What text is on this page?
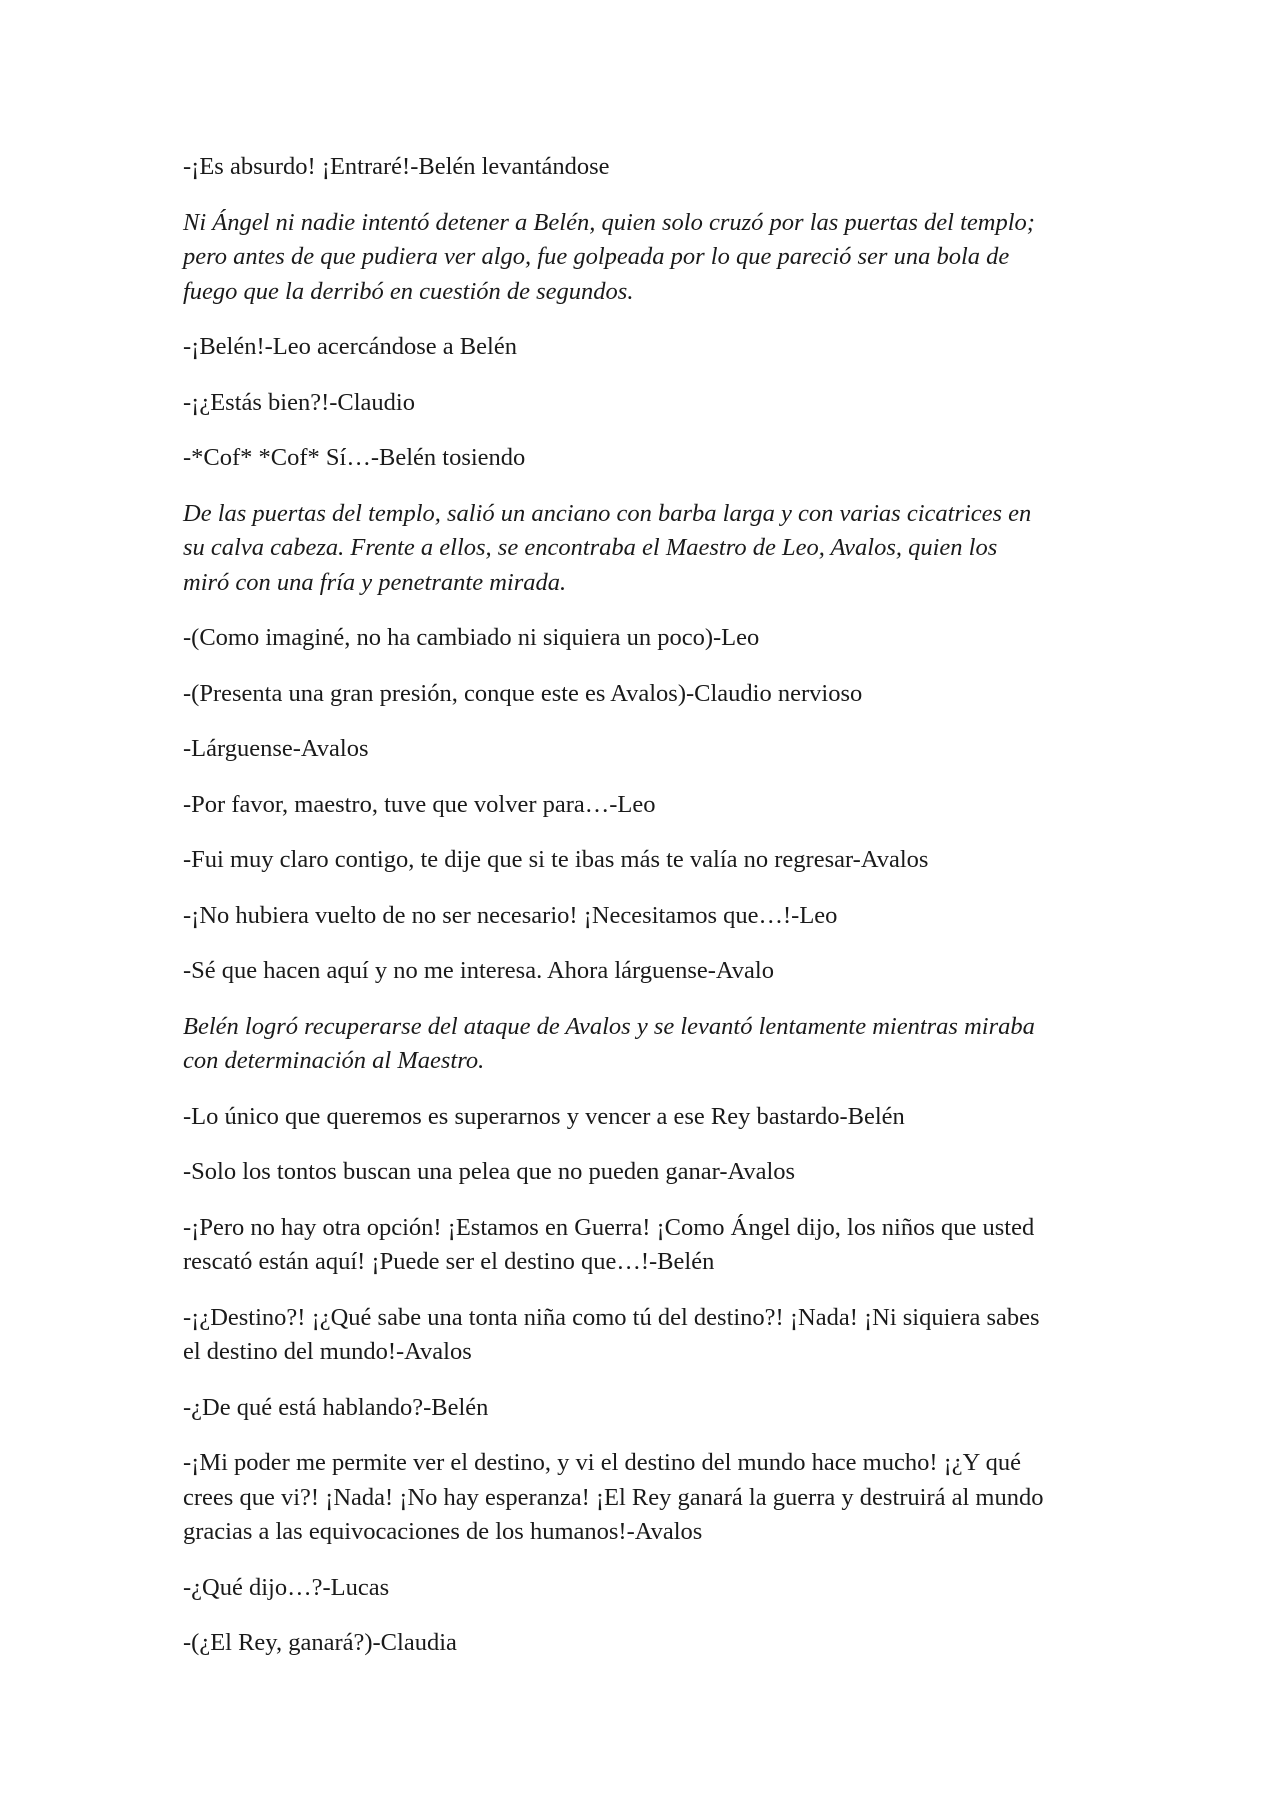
-¡Es absurdo! ¡Entraré!-Belén levantándose
Ni Ángel ni nadie intentó detener a Belén, quien solo cruzó por las puertas del templo;
pero antes de que pudiera ver algo, fue golpeada por lo que pareció ser una bola de
fuego que la derribó en cuestión de segundos.
-¡Belén!-Leo acercándose a Belén
-¡¿Estás bien?!-Claudio
-*Cof* *Cof* Sí…-Belén tosiendo
De las puertas del templo, salió un anciano con barba larga y con varias cicatrices en
su calva cabeza. Frente a ellos, se encontraba el Maestro de Leo, Avalos, quien los
miró con una fría y penetrante mirada.
-(Como imaginé, no ha cambiado ni siquiera un poco)-Leo
-(Presenta una gran presión, conque este es Avalos)-Claudio nervioso
-Lárguense-Avalos
-Por favor, maestro, tuve que volver para…-Leo
-Fui muy claro contigo, te dije que si te ibas más te valía no regresar-Avalos
-¡No hubiera vuelto de no ser necesario! ¡Necesitamos que…!-Leo
-Sé que hacen aquí y no me interesa. Ahora lárguense-Avalo
Belén logró recuperarse del ataque de Avalos y se levantó lentamente mientras miraba
con determinación al Maestro.
-Lo único que queremos es superarnos y vencer a ese Rey bastardo-Belén
-Solo los tontos buscan una pelea que no pueden ganar-Avalos
-¡Pero no hay otra opción! ¡Estamos en Guerra! ¡Como Ángel dijo, los niños que usted
rescató están aquí! ¡Puede ser el destino que…!-Belén
-¡¿Destino?! ¡¿Qué sabe una tonta niña como tú del destino?! ¡Nada! ¡Ni siquiera sabes
el destino del mundo!-Avalos
-¿De qué está hablando?-Belén
-¡Mi poder me permite ver el destino, y vi el destino del mundo hace mucho! ¡¿Y qué
crees que vi?! ¡Nada! ¡No hay esperanza! ¡El Rey ganará la guerra y destruirá al mundo
gracias a las equivocaciones de los humanos!-Avalos
-¿Qué dijo…?-Lucas
-(¿El Rey, ganará?)-Claudia
